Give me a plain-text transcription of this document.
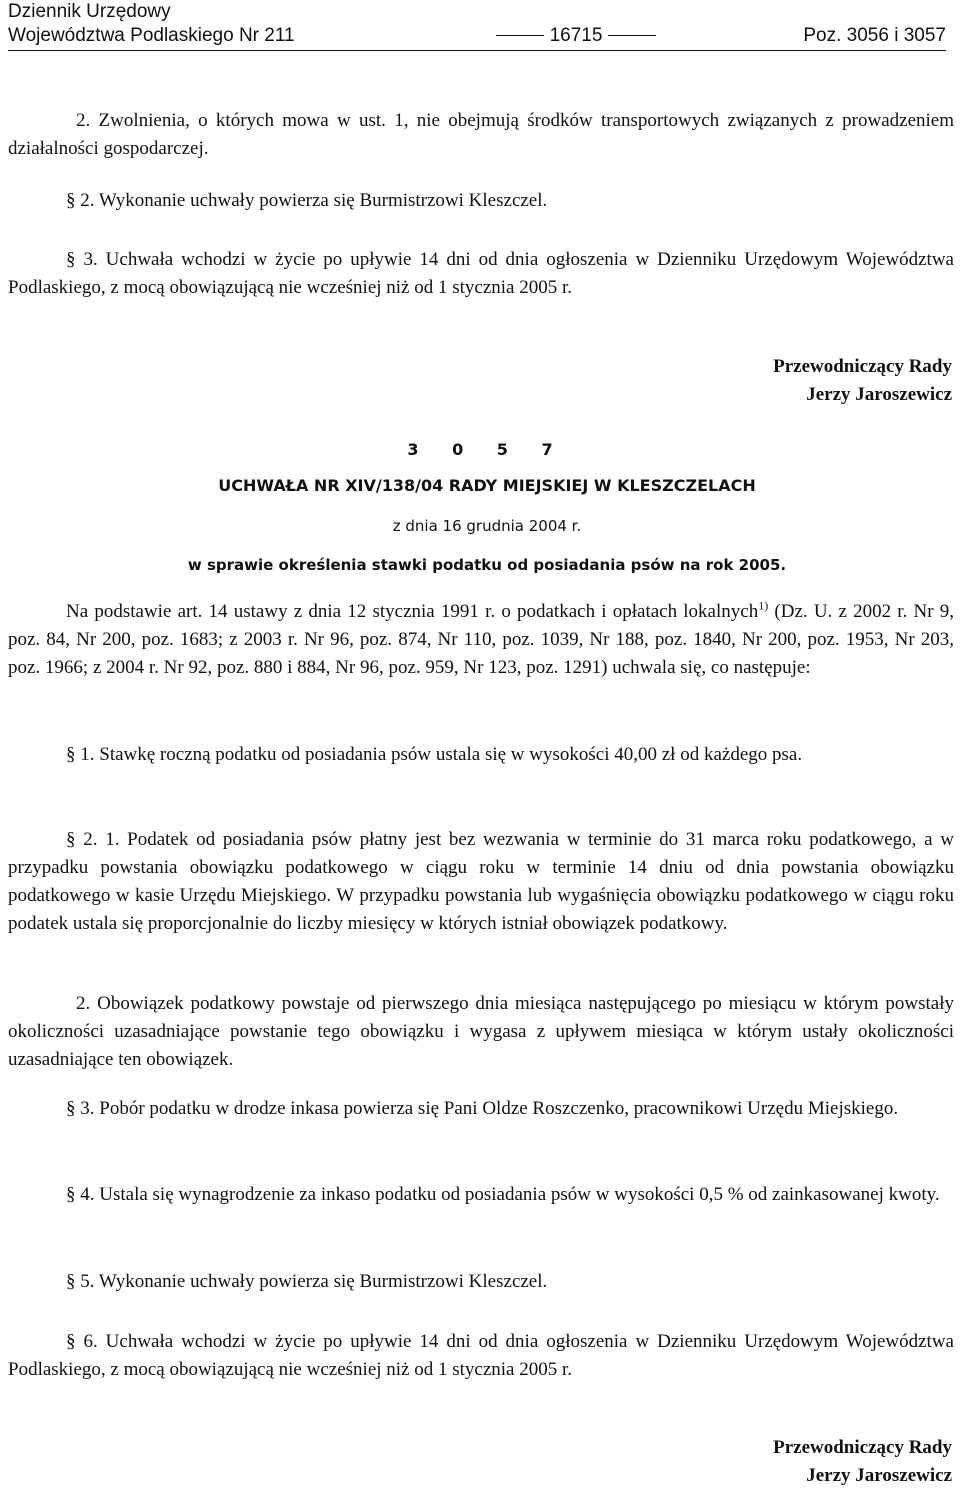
Dziennik Urzędowy
Województwa Podlaskiego Nr 211	16715	Poz. 3056 i 3057
2. Zwolnienia, o których mowa w ust. 1, nie obejmują środków transportowych związanych z prowadzeniem działalności gospodarczej.
§ 2. Wykonanie uchwały powierza się Burmistrzowi Kleszczel.
§ 3. Uchwała wchodzi w życie po upływie 14 dni od dnia ogłoszenia w Dzienniku Urzędowym Województwa Podlaskiego, z mocą obowiązującą nie wcześniej niż od 1 stycznia 2005 r.
Przewodniczący Rady
Jerzy Jaroszewicz
3 0 5 7
UCHWAŁA NR XIV/138/04 RADY MIEJSKIEJ W KLESZCZELACH
z dnia 16 grudnia 2004 r.
w sprawie określenia stawki podatku od posiadania psów na rok 2005.
Na podstawie art. 14 ustawy z dnia 12 stycznia 1991 r. o podatkach i opłatach lokalnych$^{1)}$ (Dz. U. z 2002 r. Nr 9, poz. 84, Nr 200, poz. 1683; z 2003 r. Nr 96, poz. 874, Nr 110, poz. 1039, Nr 188, poz. 1840, Nr 200, poz. 1953, Nr 203, poz. 1966; z 2004 r. Nr 92, poz. 880 i 884, Nr 96, poz. 959, Nr 123, poz. 1291) uchwala się, co następuje:
§ 1. Stawkę roczną podatku od posiadania psów ustala się w wysokości 40,00 zł od każdego psa.
§ 2. 1. Podatek od posiadania psów płatny jest bez wezwania w terminie do 31 marca roku podatkowego, a w przypadku powstania obowiązku podatkowego w ciągu roku w terminie 14 dniu od dnia powstania obowiązku podatkowego w kasie Urzędu Miejskiego. W przypadku powstania lub wygaśnięcia obowiązku podatkowego w ciągu roku podatek ustala się proporcjonalnie do liczby miesięcy w których istniał obowiązek podatkowy.
2. Obowiązek podatkowy powstaje od pierwszego dnia miesiąca następującego po miesiącu w którym powstały okoliczności uzasadniające powstanie tego obowiązku i wygasa z upływem miesiąca w którym ustały okoliczności uzasadniające ten obowiązek.
§ 3. Pobór podatku w drodze inkasa powierza się Pani Oldze Roszczenko, pracownikowi Urzędu Miejskiego.
§ 4. Ustala się wynagrodzenie za inkaso podatku od posiadania psów w wysokości 0,5 % od zainkasowanej kwoty.
§ 5. Wykonanie uchwały powierza się Burmistrzowi Kleszczel.
§ 6. Uchwała wchodzi w życie po upływie 14 dni od dnia ogłoszenia w Dzienniku Urzędowym Województwa Podlaskiego, z mocą obowiązującą nie wcześniej niż od 1 stycznia 2005 r.
Przewodniczący Rady
Jerzy Jaroszewicz
